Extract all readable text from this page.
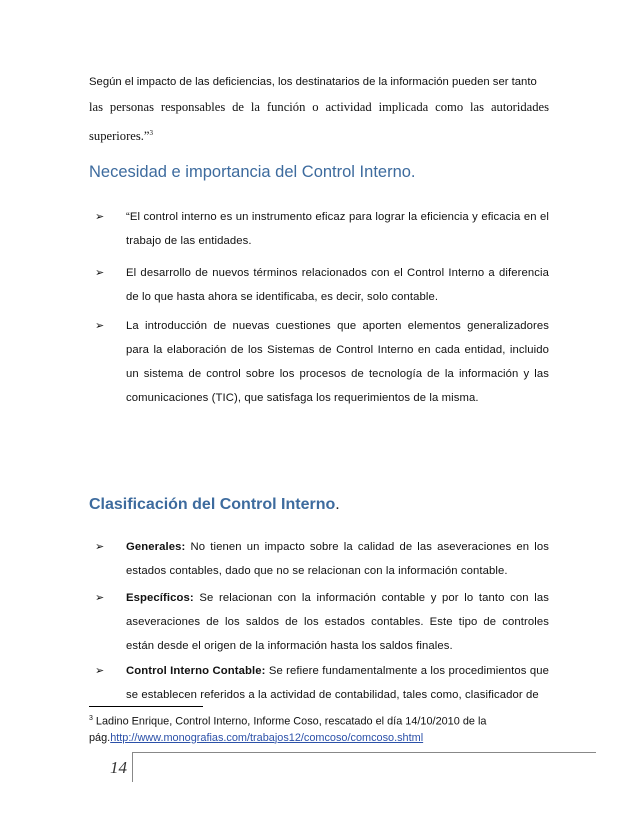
Según el impacto de las deficiencias, los destinatarios de la información pueden ser tanto
las personas responsables de la función o actividad implicada como las autoridades superiores.”$^3$

Necesidad e importancia del Control Interno.
➢ “El control interno es un instrumento eficaz para lograr la eficiencia y eficacia en el trabajo de las entidades.

➢ El desarrollo de nuevos términos relacionados con el Control Interno a diferencia de lo que hasta ahora se identificaba, es decir, solo contable.

➢ La introducción de nuevas cuestiones que aporten elementos generalizadores para la elaboración de los Sistemas de Control Interno en cada entidad, incluido un sistema de control sobre los procesos de tecnología de la información y las comunicaciones (TIC), que satisfaga los requerimientos de la misma.

Clasificación del Control Interno.
➢ Generales: No tienen un impacto sobre la calidad de las aseveraciones en los estados contables, dado que no se relacionan con la información contable.

➢ Específicos: Se relacionan con la información contable y por lo tanto con las aseveraciones de los saldos de los estados contables. Este tipo de controles están desde el origen de la información hasta los saldos finales.

➢ Control Interno Contable: Se refiere fundamentalmente a los procedimientos que se establecen referidos a la actividad de contabilidad, tales como, clasificador de

$^3$ Ladino Enrique, Control Interno, Informe Coso, rescatado el día 14/10/2010 de la pág.http://www.monografias.com/trabajos12/comcoso/comcoso.shtml

14
